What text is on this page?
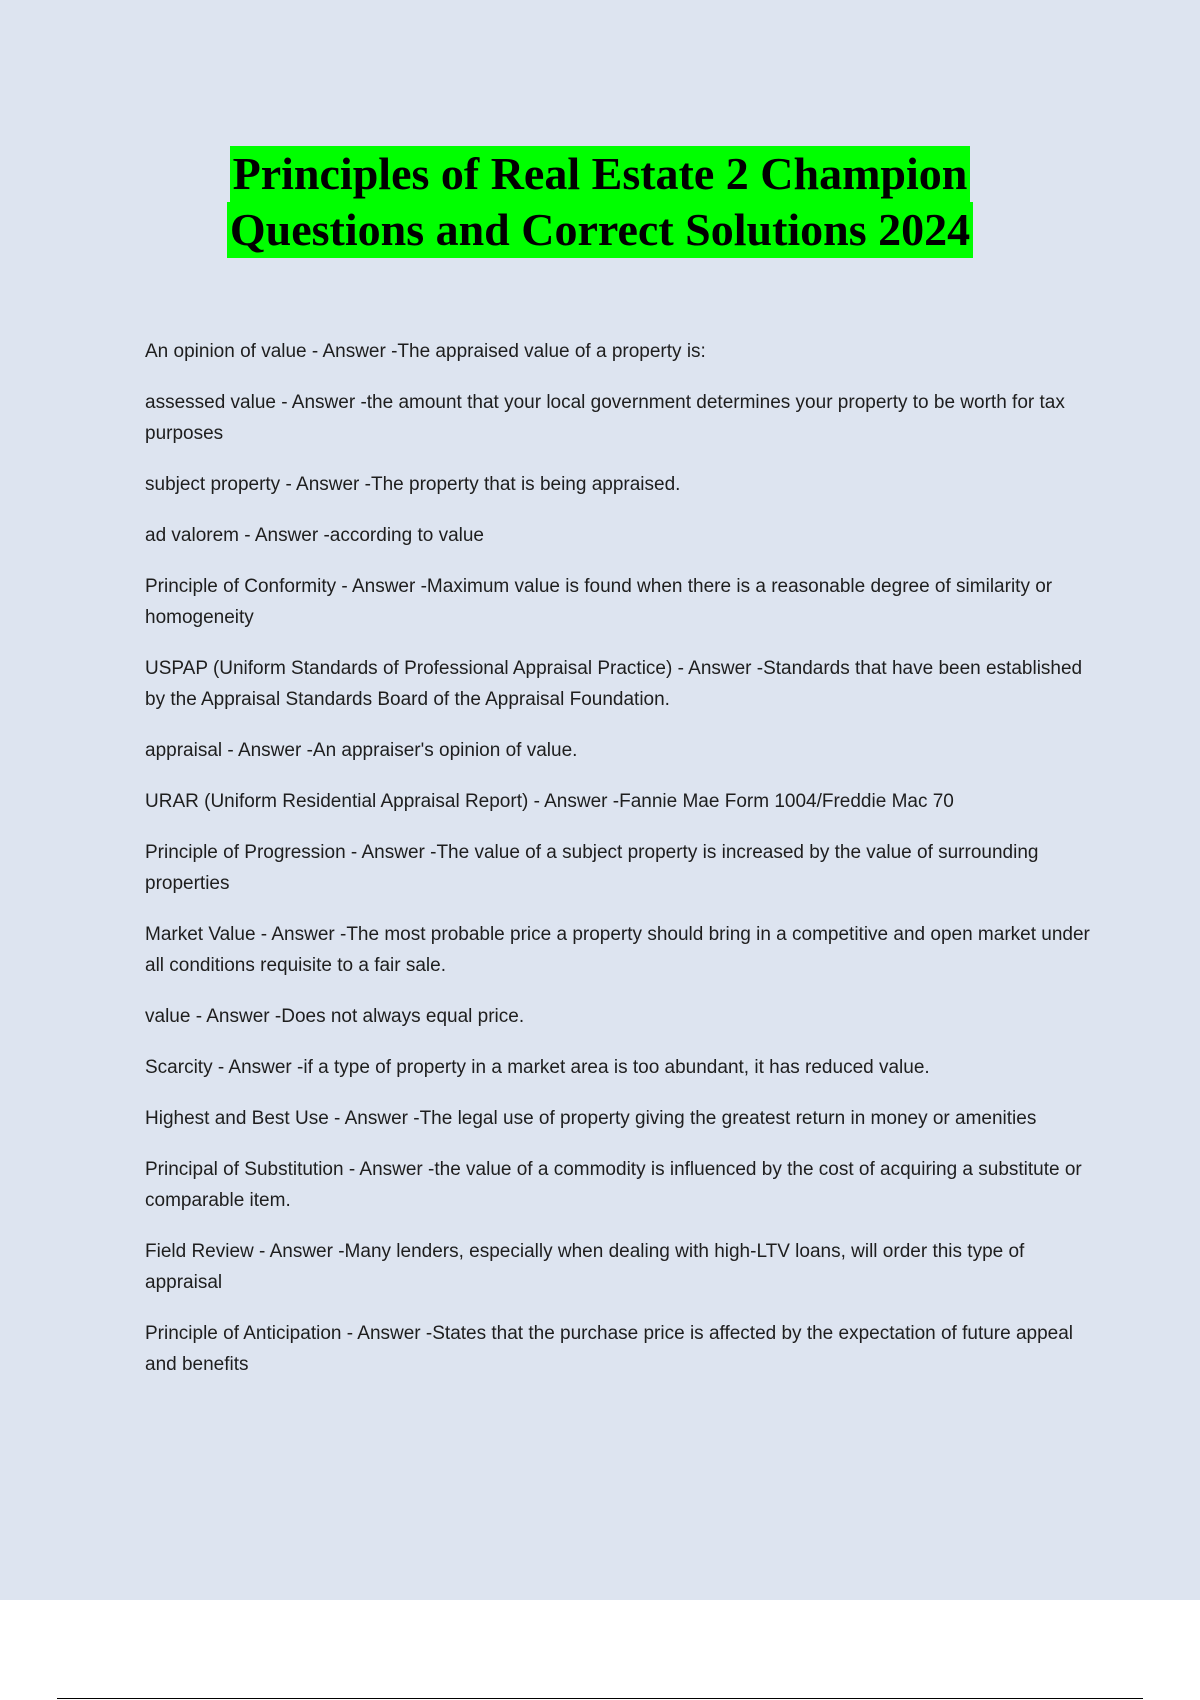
Principles of Real Estate 2 Champion
Questions and Correct Solutions 2024

An opinion of value - Answer -The appraised value of a property is:

assessed value - Answer -the amount that your local government determines your property to be worth for tax purposes

subject property - Answer -The property that is being appraised.

ad valorem - Answer -according to value

Principle of Conformity - Answer -Maximum value is found when there is a reasonable degree of similarity or homogeneity

USPAP (Uniform Standards of Professional Appraisal Practice) - Answer -Standards that have been established by the Appraisal Standards Board of the Appraisal Foundation.

appraisal - Answer -An appraiser's opinion of value.

URAR (Uniform Residential Appraisal Report) - Answer -Fannie Mae Form 1004/Freddie Mac 70

Principle of Progression - Answer -The value of a subject property is increased by the value of surrounding properties

Market Value - Answer -The most probable price a property should bring in a competitive and open market under all conditions requisite to a fair sale.

value - Answer -Does not always equal price.

Scarcity - Answer -if a type of property in a market area is too abundant, it has reduced value.

Highest and Best Use - Answer -The legal use of property giving the greatest return in money or amenities

Principal of Substitution - Answer -the value of a commodity is influenced by the cost of acquiring a substitute or comparable item.

Field Review - Answer -Many lenders, especially when dealing with high-LTV loans, will order this type of appraisal

Principle of Anticipation - Answer -States that the purchase price is affected by the expectation of future appeal and benefits
